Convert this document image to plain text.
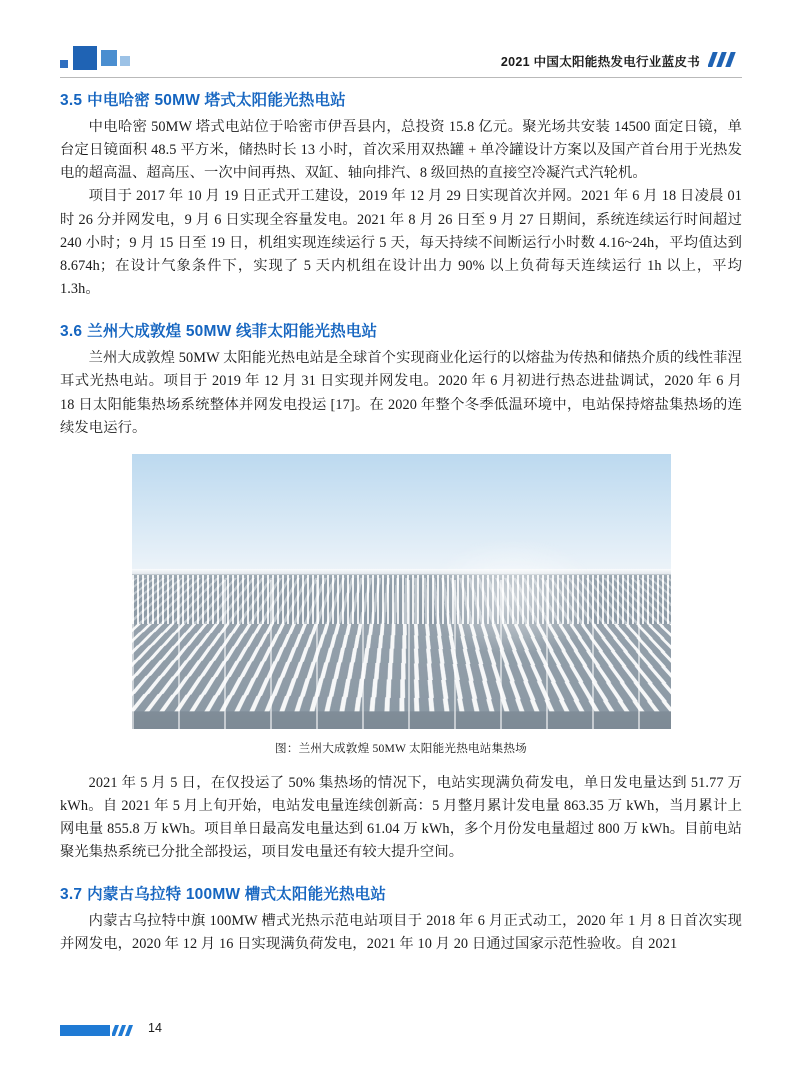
2021 中国太阳能热发电行业蓝皮书
3.5 中电哈密 50MW 塔式太阳能光热电站

中电哈密 50MW 塔式电站位于哈密市伊吾县内，总投资 15.8 亿元。聚光场共安装 14500 面定日镜，单台定日镜面积 48.5 平方米，储热时长 13 小时，首次采用双热罐 + 单冷罐设计方案以及国产首台用于光热发电的超高温、超高压、一次中间再热、双缸、轴向排汽、8 级回热的直接空冷凝汽式汽轮机。

项目于 2017 年 10 月 19 日正式开工建设，2019 年 12 月 29 日实现首次并网。2021 年 6 月 18 日凌晨 01 时 26 分并网发电，9 月 6 日实现全容量发电。2021 年 8 月 26 日至 9 月 27 日期间，系统连续运行时间超过 240 小时；9 月 15 日至 19 日，机组实现连续运行 5 天，每天持续不间断运行小时数 4.16~24h，平均值达到 8.674h；在设计气象条件下，实现了 5 天内机组在设计出力 90% 以上负荷每天连续运行 1h 以上，平均 1.3h。

3.6 兰州大成敦煌 50MW 线菲太阳能光热电站

兰州大成敦煌 50MW 太阳能光热电站是全球首个实现商业化运行的以熔盐为传热和储热介质的线性菲涅耳式光热电站。项目于 2019 年 12 月 31 日实现并网发电。2020 年 6 月初进行热态进盐调试，2020 年 6 月 18 日太阳能集热场系统整体并网发电投运 [17]。在 2020 年整个冬季低温环境中，电站保持熔盐集热场的连续发电运行。

图：兰州大成敦煌 50MW 太阳能光热电站集热场

2021 年 5 月 5 日，在仅投运了 50% 集热场的情况下，电站实现满负荷发电，单日发电量达到 51.77 万 kWh。自 2021 年 5 月上旬开始，电站发电量连续创新高：5 月整月累计发电量 863.35 万 kWh，当月累计上网电量 855.8 万 kWh。项目单日最高发电量达到 61.04 万 kWh，多个月份发电量超过 800 万 kWh。目前电站聚光集热系统已分批全部投运，项目发电量还有较大提升空间。

3.7 内蒙古乌拉特 100MW 槽式太阳能光热电站

内蒙古乌拉特中旗 100MW 槽式光热示范电站项目于 2018 年 6 月正式动工，2020 年 1 月 8 日首次实现并网发电，2020 年 12 月 16 日实现满负荷发电，2021 年 10 月 20 日通过国家示范性验收。自 2021

14
